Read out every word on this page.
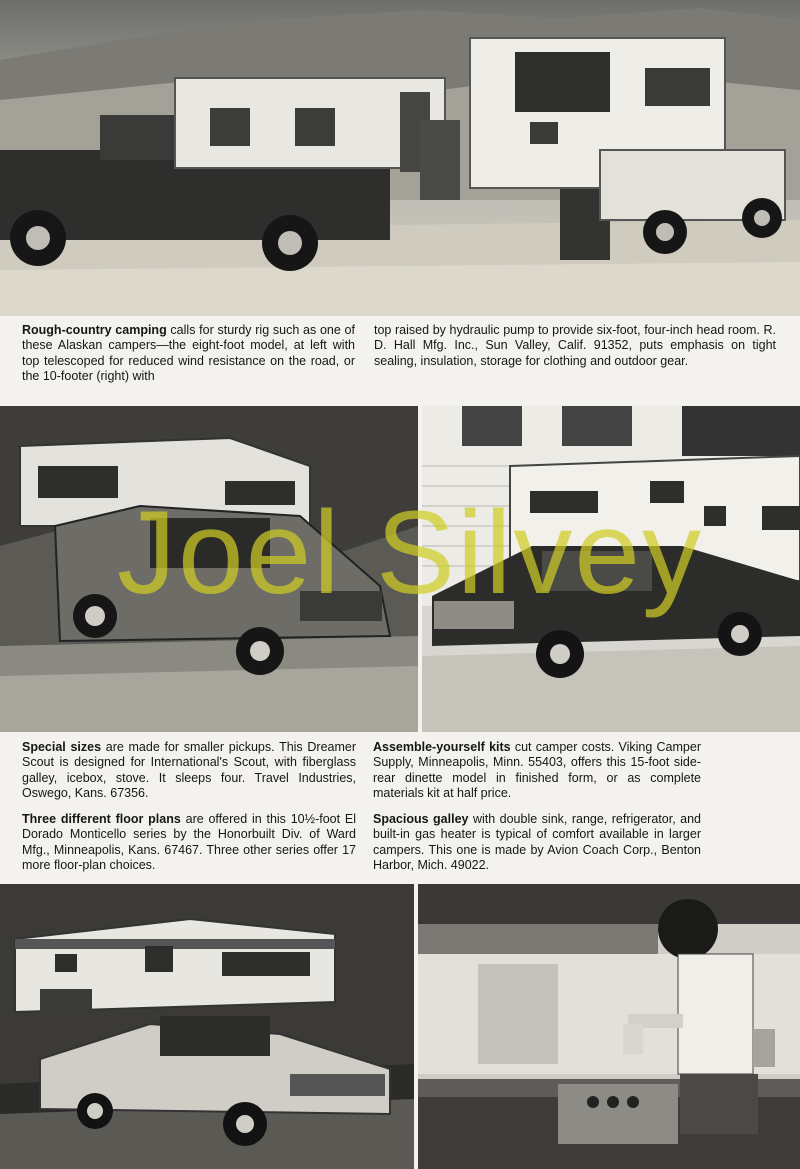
Rough-country camping calls for sturdy rig such as one of these Alaskan campers—the eight-foot model, at left with top telescoped for reduced wind resistance on the road, or the 10-footer (right) with

top raised by hydraulic pump to provide six-foot, four-inch head room. R. D. Hall Mfg. Inc., Sun Valley, Calif. 91352, puts emphasis on tight sealing, insulation, storage for clothing and outdoor gear.

Special sizes are made for smaller pickups. This Dreamer Scout is designed for International's Scout, with fiberglass galley, icebox, stove. It sleeps four. Travel Industries, Oswego, Kans. 67356.

Three different floor plans are offered in this 10½-foot El Dorado Monticello series by the Honorbuilt Div. of Ward Mfg., Minneapolis, Kans. 67467. Three other series offer 17 more floor-plan choices.

Assemble-yourself kits cut camper costs. Viking Camper Supply, Minneapolis, Minn. 55403, offers this 15-foot side-rear dinette model in finished form, or as complete materials kit at half price.

Spacious galley with double sink, range, refrigerator, and built-in gas heater is typical of comfort available in larger campers. This one is made by Avion Coach Corp., Benton Harbor, Mich. 49022.

Joel Silvey
